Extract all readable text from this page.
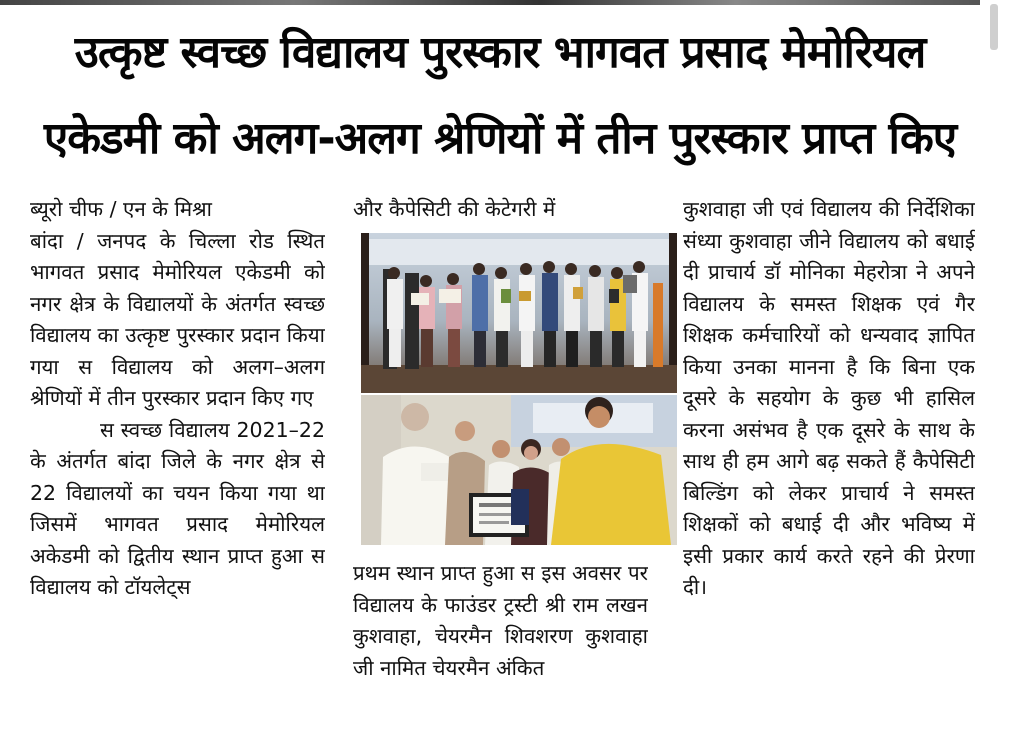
उत्कृष्ट स्वच्छ विद्यालय पुरस्कार भागवत प्रसाद मेमोरियल
एकेडमी को अलग-अलग श्रेणियों में तीन पुरस्कार प्राप्त किए

ब्यूरो चीफ / एन के मिश्रा

बांदा / जनपद के चिल्ला रोड स्थित भागवत प्रसाद मेमोरियल एकेडमी को नगर क्षेत्र के विद्यालयों के अंतर्गत स्वच्छ विद्यालय का उत्कृष्ट पुरस्कार प्रदान किया गया स विद्यालय को अलग–अलग श्रेणियों में तीन पुरस्कार प्रदान किए गए

स स्वच्छ विद्यालय 2021–22 के अंतर्गत बांदा जिले के नगर क्षेत्र से 22 विद्यालयों का चयन किया गया था जिसमें भागवत प्रसाद मेमोरियल अकेडमी को द्वितीय स्थान प्राप्त हुआ स विद्यालय को टॉयलेट्स

और कैपेसिटी की केटेगरी में

प्रथम स्थान प्राप्त हुआ स इस अवसर पर विद्यालय के फाउंडर ट्रस्टी श्री राम लखन कुशवाहा, चेयरमैन शिवशरण कुशवाहा जी नामित चेयरमैन अंकित

कुशवाहा जी एवं विद्यालय की निर्देशिका संध्या कुशवाहा जीने विद्यालय को बधाई दी प्राचार्य डॉ मोनिका मेहरोत्रा ने अपने विद्यालय के समस्त शिक्षक एवं गैर शिक्षक कर्मचारियों को धन्यवाद ज्ञापित किया उनका मानना है कि बिना एक दूसरे के सहयोग के कुछ भी हासिल करना असंभव है एक दूसरे के साथ के साथ ही हम आगे बढ़ सकते हैं कैपेसिटी बिल्डिंग को लेकर प्राचार्य ने समस्त शिक्षकों को बधाई दी और भविष्य में इसी प्रकार कार्य करते रहने की प्रेरणा दी।
